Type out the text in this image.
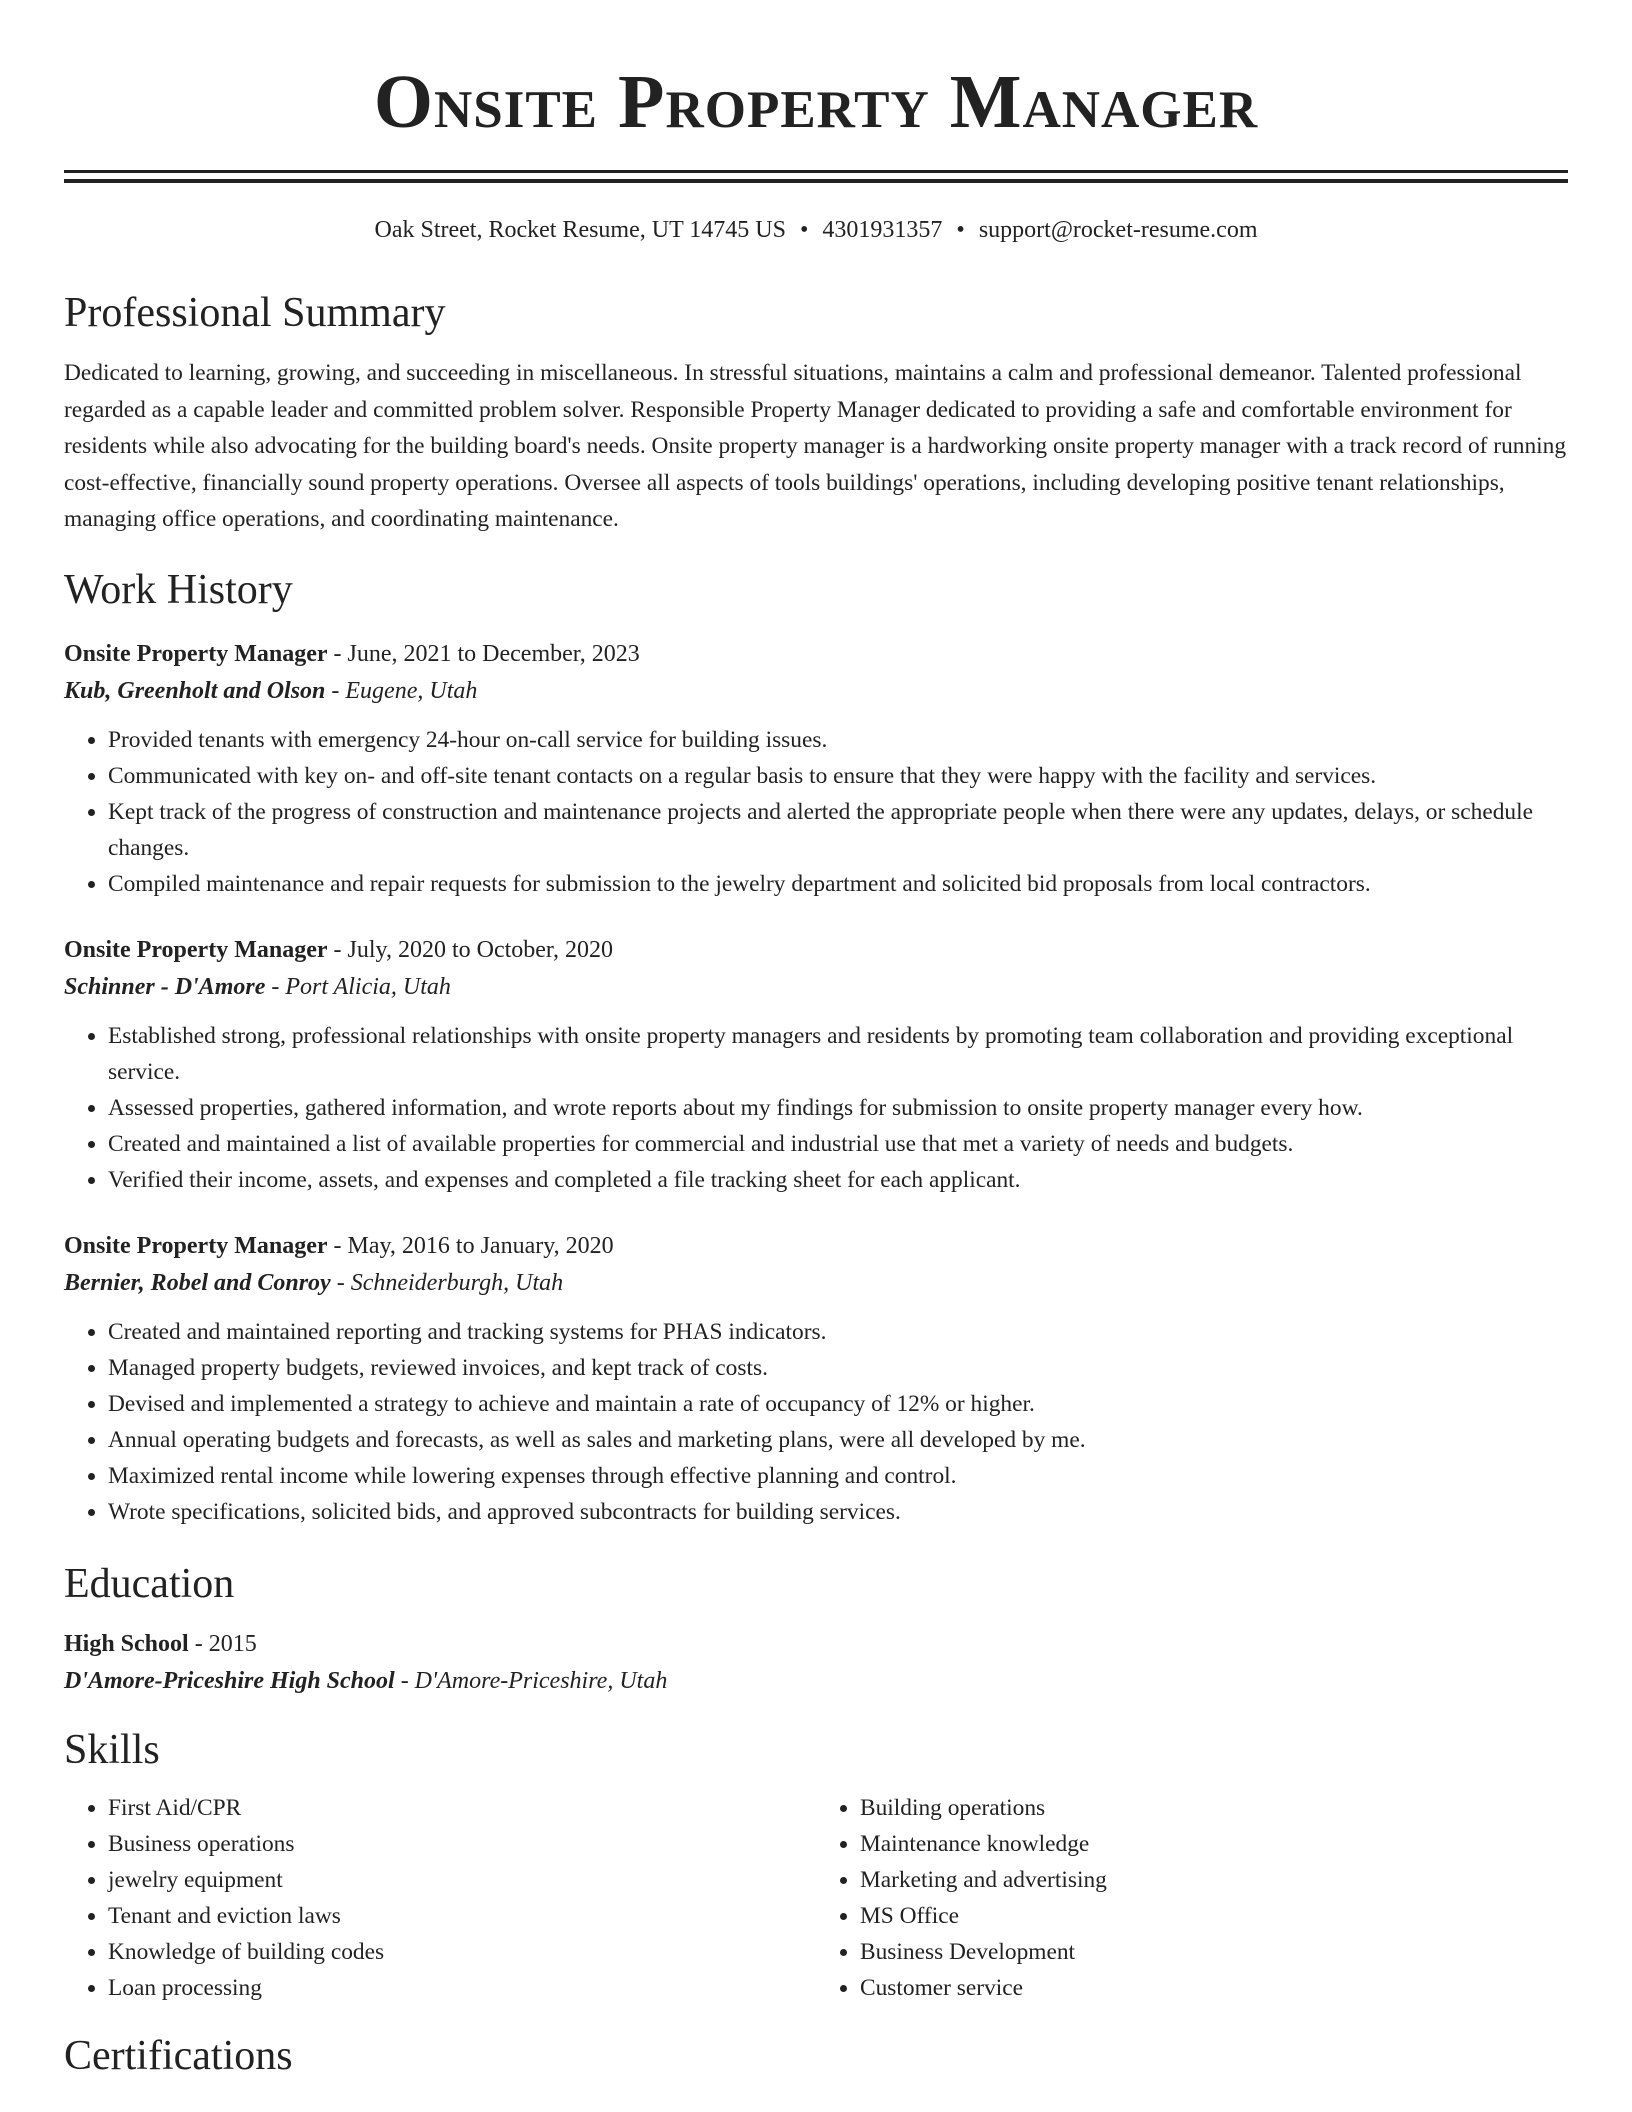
Onsite Property Manager
Oak Street, Rocket Resume, UT 14745 US • 4301931357 • support@rocket-resume.com
Professional Summary
Dedicated to learning, growing, and succeeding in miscellaneous. In stressful situations, maintains a calm and professional demeanor. Talented professional regarded as a capable leader and committed problem solver. Responsible Property Manager dedicated to providing a safe and comfortable environment for residents while also advocating for the building board's needs. Onsite property manager is a hardworking onsite property manager with a track record of running cost-effective, financially sound property operations. Oversee all aspects of tools buildings' operations, including developing positive tenant relationships, managing office operations, and coordinating maintenance.
Work History
Onsite Property Manager - June, 2021 to December, 2023
Kub, Greenholt and Olson - Eugene, Utah
• Provided tenants with emergency 24-hour on-call service for building issues.
• Communicated with key on- and off-site tenant contacts on a regular basis to ensure that they were happy with the facility and services.
• Kept track of the progress of construction and maintenance projects and alerted the appropriate people when there were any updates, delays, or schedule changes.
• Compiled maintenance and repair requests for submission to the jewelry department and solicited bid proposals from local contractors.
Onsite Property Manager - July, 2020 to October, 2020
Schinner - D'Amore - Port Alicia, Utah
• Established strong, professional relationships with onsite property managers and residents by promoting team collaboration and providing exceptional service.
• Assessed properties, gathered information, and wrote reports about my findings for submission to onsite property manager every how.
• Created and maintained a list of available properties for commercial and industrial use that met a variety of needs and budgets.
• Verified their income, assets, and expenses and completed a file tracking sheet for each applicant.
Onsite Property Manager - May, 2016 to January, 2020
Bernier, Robel and Conroy - Schneiderburgh, Utah
• Created and maintained reporting and tracking systems for PHAS indicators.
• Managed property budgets, reviewed invoices, and kept track of costs.
• Devised and implemented a strategy to achieve and maintain a rate of occupancy of 12% or higher.
• Annual operating budgets and forecasts, as well as sales and marketing plans, were all developed by me.
• Maximized rental income while lowering expenses through effective planning and control.
• Wrote specifications, solicited bids, and approved subcontracts for building services.
Education
High School - 2015
D'Amore-Priceshire High School - D'Amore-Priceshire, Utah
Skills
• First Aid/CPR
• Business operations
• jewelry equipment
• Tenant and eviction laws
• Knowledge of building codes
• Loan processing
• Building operations
• Maintenance knowledge
• Marketing and advertising
• MS Office
• Business Development
• Customer service
Certifications
